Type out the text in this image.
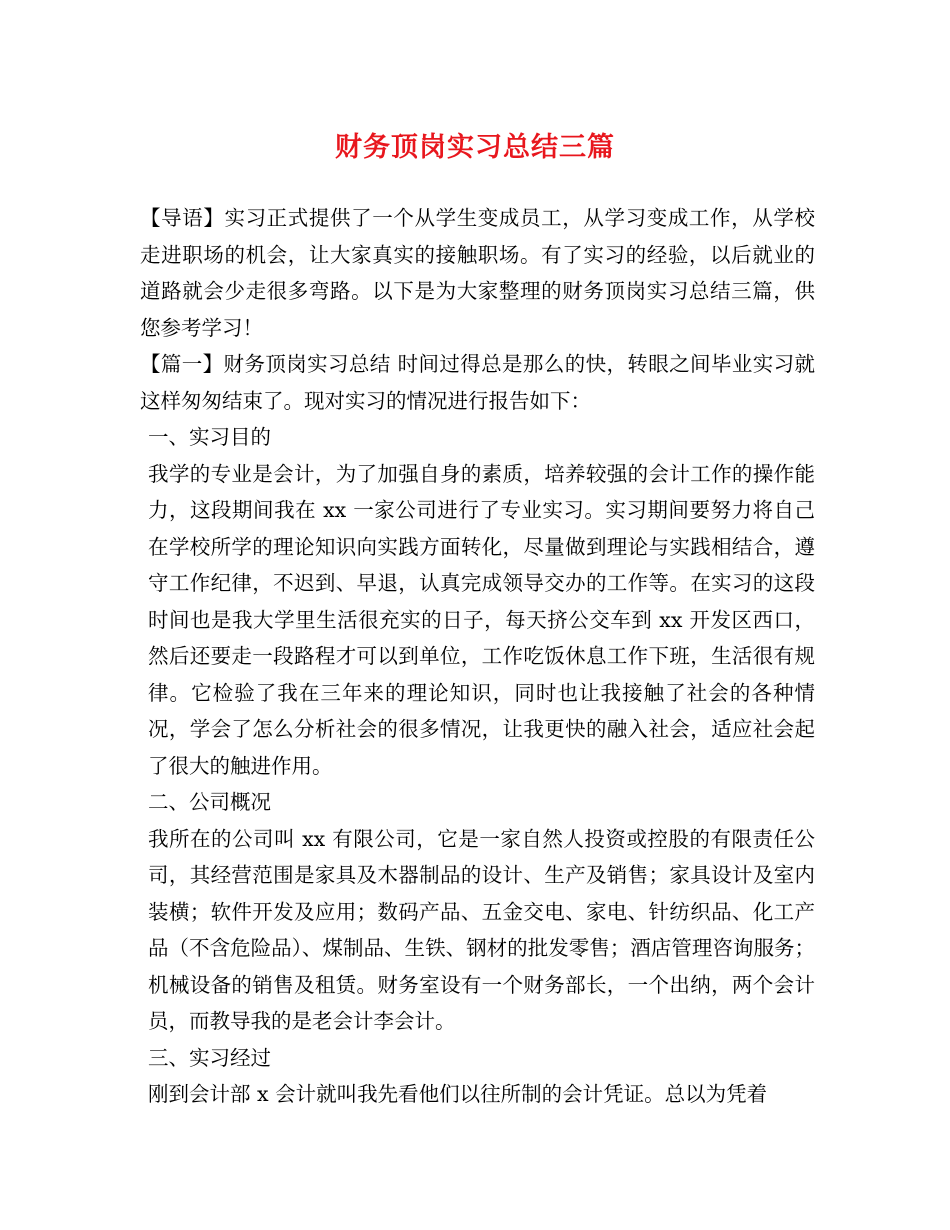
财务顶岗实习总结三篇

【导语】实习正式提供了一个从学生变成员工，从学习变成工作，从学校走进职场的机会，让大家真实的接触职场。有了实习的经验，以后就业的道路就会少走很多弯路。以下是为大家整理的财务顶岗实习总结三篇，供您参考学习！

【篇一】财务顶岗实习总结 时间过得总是那么的快，转眼之间毕业实习就这样匆匆结束了。现对实习的情况进行报告如下：

一、实习目的

我学的专业是会计，为了加强自身的素质，培养较强的会计工作的操作能力，这段期间我在 xx 一家公司进行了专业实习。实习期间要努力将自己在学校所学的理论知识向实践方面转化，尽量做到理论与实践相结合，遵守工作纪律，不迟到、早退，认真完成领导交办的工作等。在实习的这段时间也是我大学里生活很充实的日子，每天挤公交车到 xx 开发区西口，然后还要走一段路程才可以到单位，工作吃饭休息工作下班，生活很有规律。它检验了我在三年来的理论知识，同时也让我接触了社会的各种情况，学会了怎么分析社会的很多情况，让我更快的融入社会，适应社会起了很大的触进作用。

二、公司概况

我所在的公司叫 xx 有限公司，它是一家自然人投资或控股的有限责任公司，其经营范围是家具及木器制品的设计、生产及销售；家具设计及室内装横；软件开发及应用；数码产品、五金交电、家电、针纺织品、化工产品（不含危险品）、煤制品、生铁、钢材的批发零售；酒店管理咨询服务；机械设备的销售及租赁。财务室设有一个财务部长，一个出纳，两个会计员，而教导我的是老会计李会计。

三、实习经过

刚到会计部 x 会计就叫我先看他们以往所制的会计凭证。总以为凭着
